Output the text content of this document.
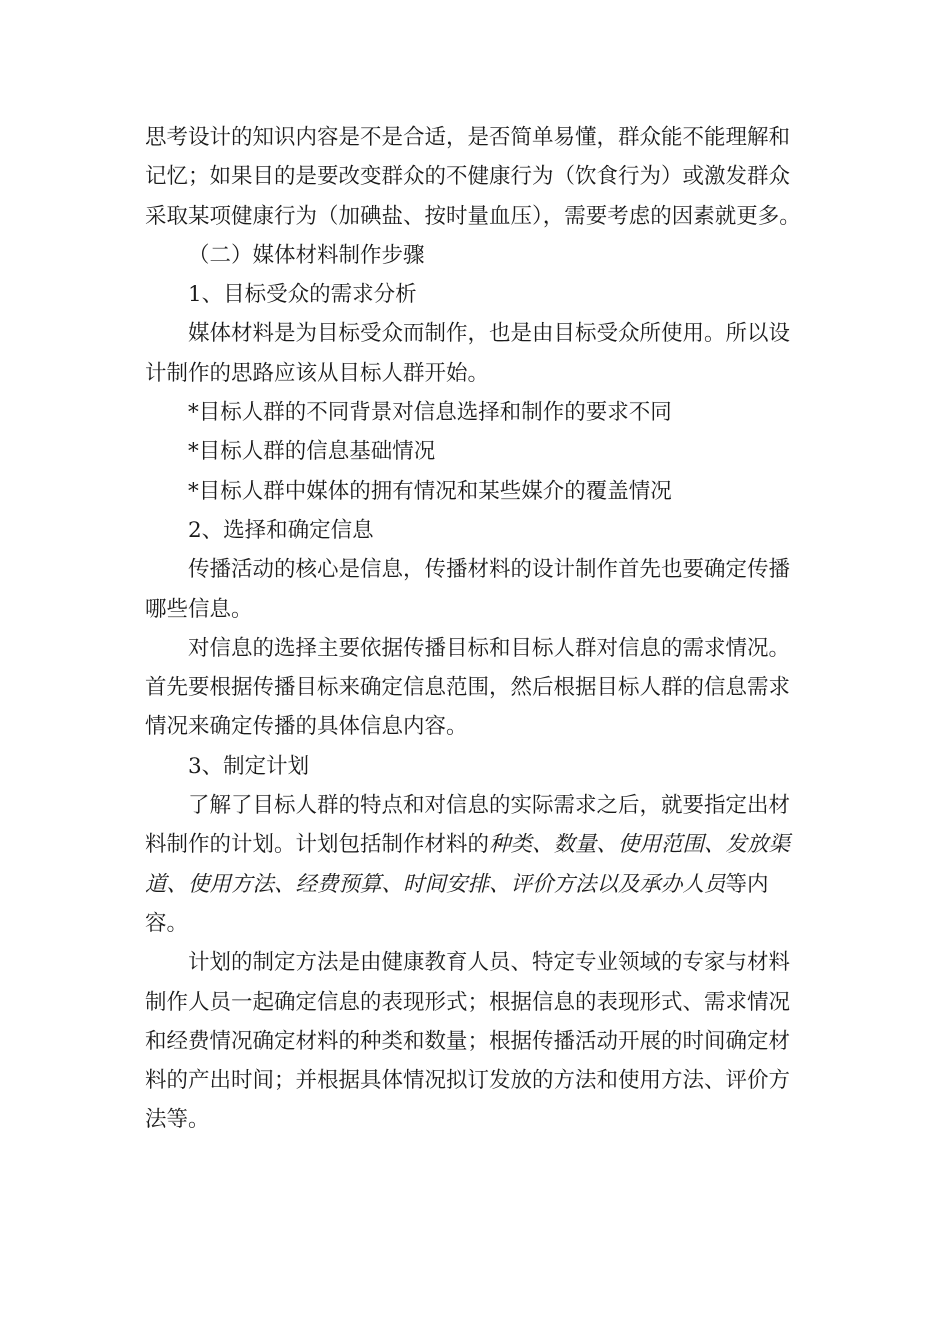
思考设计的知识内容是不是合适，是否简单易懂，群众能不能理解和记忆；如果目的是要改变群众的不健康行为（饮食行为）或激发群众采取某项健康行为（加碘盐、按时量血压），需要考虑的因素就更多。

（二）媒体材料制作步骤

1、目标受众的需求分析

媒体材料是为目标受众而制作，也是由目标受众所使用。所以设计制作的思路应该从目标人群开始。

*目标人群的不同背景对信息选择和制作的要求不同

*目标人群的信息基础情况

*目标人群中媒体的拥有情况和某些媒介的覆盖情况

2、选择和确定信息

传播活动的核心是信息，传播材料的设计制作首先也要确定传播哪些信息。

对信息的选择主要依据传播目标和目标人群对信息的需求情况。首先要根据传播目标来确定信息范围，然后根据目标人群的信息需求情况来确定传播的具体信息内容。

3、制定计划

了解了目标人群的特点和对信息的实际需求之后，就要指定出材料制作的计划。计划包括制作材料的种类、数量、使用范围、发放渠道、使用方法、经费预算、时间安排、评价方法以及承办人员等内容。

计划的制定方法是由健康教育人员、特定专业领域的专家与材料制作人员一起确定信息的表现形式；根据信息的表现形式、需求情况和经费情况确定材料的种类和数量；根据传播活动开展的时间确定材料的产出时间；并根据具体情况拟订发放的方法和使用方法、评价方法等。
